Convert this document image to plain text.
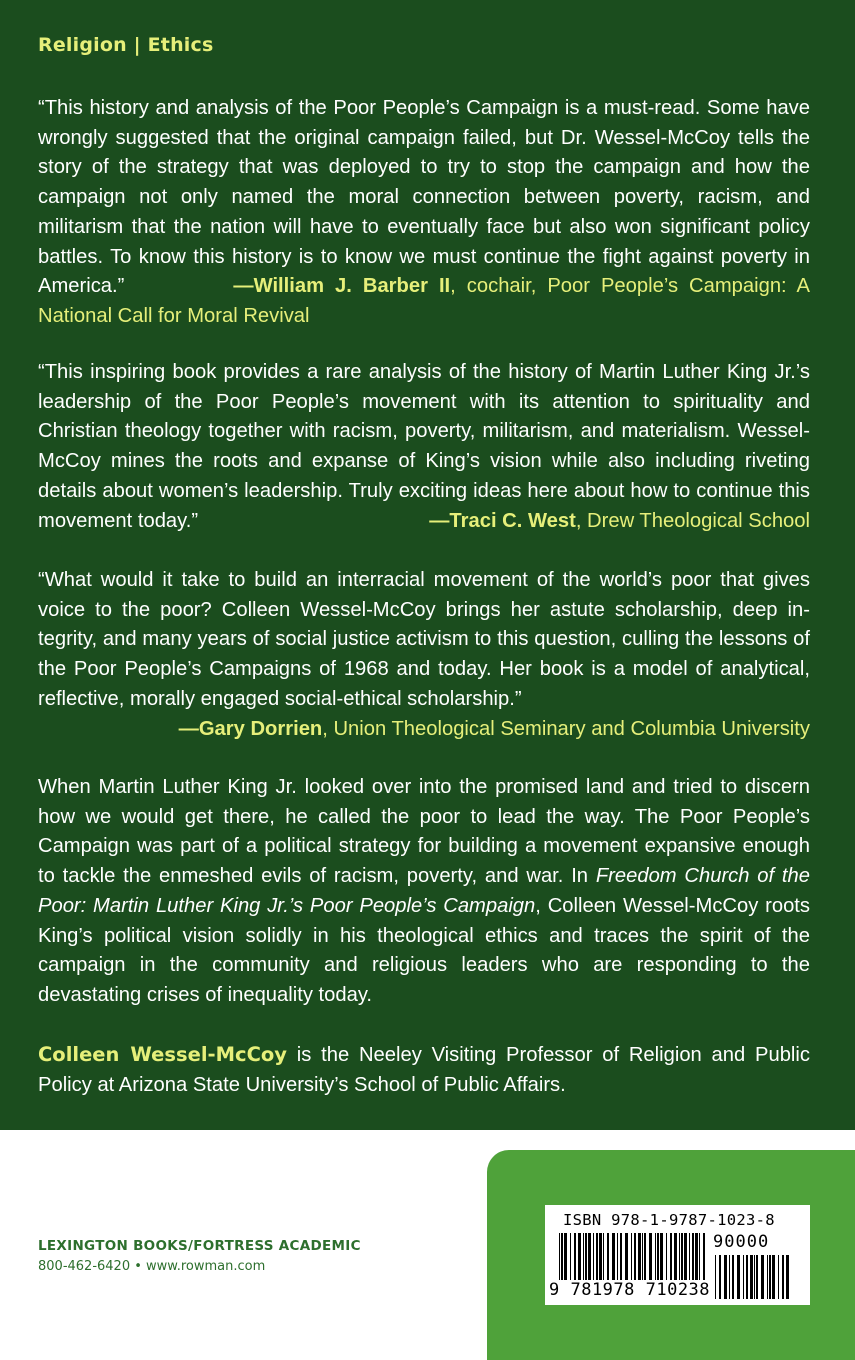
Religion | Ethics

“This history and analysis of the Poor People’s Campaign is a must-read. Some have wrongly suggested that the original campaign failed, but Dr. Wessel-McCoy tells the story of the strategy that was deployed to try to stop the campaign and how the campaign not only named the moral connection between poverty, racism, and militarism that the nation will have to eventually face but also won significant policy battles. To know this history is to know we must continue the fight against poverty in America.”	—William J. Barber II, cochair, Poor People’s Campaign: A National Call for Moral Revival

“This inspiring book provides a rare analysis of the history of Martin Luther King Jr.’s leadership of the Poor People’s movement with its attention to spirituality and Christian theology together with racism, poverty, militarism, and materialism. Wessel-McCoy mines the roots and expanse of King’s vision while also including riveting details about women’s leadership. Truly exciting ideas here about how to continue this movement today.”	—Traci C. West, Drew Theological School

“What would it take to build an interracial movement of the world’s poor that gives voice to the poor? Colleen Wessel-McCoy brings her astute scholarship, deep integrity, and many years of social justice activism to this question, culling the lessons of the Poor People’s Campaigns of 1968 and today. Her book is a model of analytical, reflective, morally engaged social-ethical scholarship.”
—Gary Dorrien, Union Theological Seminary and Columbia University

When Martin Luther King Jr. looked over into the promised land and tried to discern how we would get there, he called the poor to lead the way. The Poor People’s Campaign was part of a political strategy for building a movement expansive enough to tackle the enmeshed evils of racism, poverty, and war. In Freedom Church of the Poor: Martin Luther King Jr.’s Poor People’s Campaign, Colleen Wessel-McCoy roots King’s political vision solidly in his theological ethics and traces the spirit of the campaign in the community and religious leaders who are responding to the devastating crises of inequality today.

Colleen Wessel-McCoy is the Neeley Visiting Professor of Religion and Public Policy at Arizona State University’s School of Public Affairs.

LEXINGTON BOOKS/FORTRESS ACADEMIC
800-462-6420 • www.rowman.com
ISBN 978-1-9787-1023-8
90000
9 781978 710238
